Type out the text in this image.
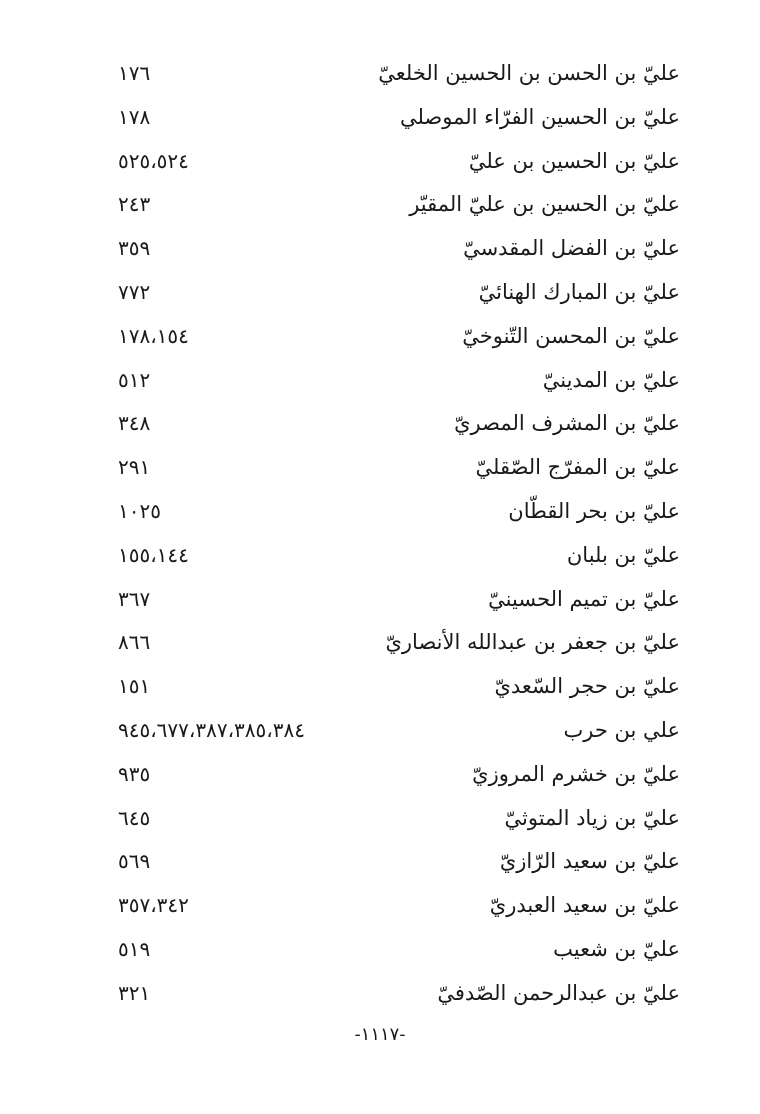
عليّ بن الحسن بن الحسين الخلعيّ
١٧٦
عليّ بن الحسين الفرّاء الموصلي
١٧٨
عليّ بن الحسين بن عليّ
٥٢٥،٥٢٤
عليّ بن الحسين بن عليّ المقيّر
٢٤٣
عليّ بن الفضل المقدسيّ
٣٥٩
عليّ بن المبارك الهنائيّ
٧٧٢
عليّ بن المحسن التّنوخيّ
١٧٨،١٥٤
عليّ بن المدينيّ
٥١٢
عليّ بن المشرف المصريّ
٣٤٨
عليّ بن المفرّج الصّقليّ
٢٩١
عليّ بن بحر القطّان
١٠٢٥
عليّ بن بلبان
١٥٥،١٤٤
عليّ بن تميم الحسينيّ
٣٦٧
عليّ بن جعفر بن عبدالله الأنصاريّ
٨٦٦
عليّ بن حجر السّعديّ
١٥١
علي بن حرب
٩٤٥،٦٧٧،٣٨٧،٣٨٥،٣٨٤
عليّ بن خشرم المروزيّ
٩٣٥
عليّ بن زياد المتوثيّ
٦٤٥
عليّ بن سعيد الرّازيّ
٥٦٩
عليّ بن سعيد العبدريّ
٣٥٧،٣٤٢
عليّ بن شعيب
٥١٩
عليّ بن عبدالرحمن الصّدفيّ
٣٢١
-١١١٧-
